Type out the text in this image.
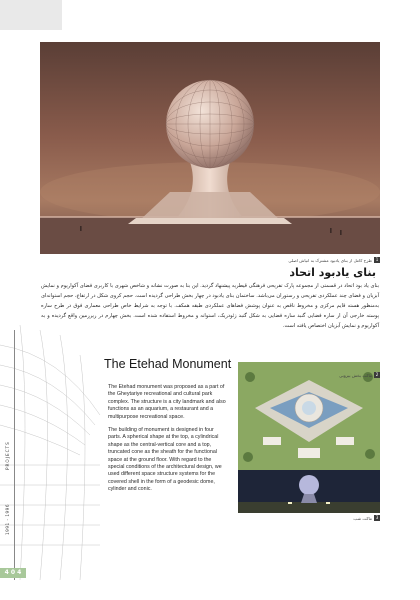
1
طرح کامل از بنای یادبود مشترک به انیاش اصلی
بنای یادبود اتحاد
بنای یاد بود اتحاد در قسمتی از مجموعه پارک تفریحی فرهنگی قیطریه پیشنهاد گردید. این بنا به صورت نشانه و شاخص شهری با کاربری فضای آکواریوم و نمایش آبزیان و فضای چند عملکردی تفریحی و رستوران می‌باشد. ساختمان بنای یادبود در چهار بخش طراحی گردیده است. حجم کروی شکل در ارتفاع، حجم استوانه‌ای به‌منظور هسته قایم مرکزی و مخروط ناقص به عنوان پوشش فضاهای عملکردی طبقه همکف. با توجه به شرایط خاص طراحی معماری فوق در طرح سازه پوسته خارجی آن از سازه فضایی گنبد سازه فضایی به شکل گنبد ژئودزیک، استوانه و مخروط استفاده شده است. بخش چهارم در زیرزمین واقع گردیده و به آکواریوم و نمایش آبزیان اختصاص یافته است.
PROJECTS
1991 - 1996
4 0 4
The Etehad Monument

The Etehad monument was proposed as a part of the Gheytariye recreational and cultural park complex. The structure is a city landmark and also functions as an aquarium, a restaurant and a multipurpose recreational space.

The building of monument is designed in four parts. A spherical shape at the top, a cylindrical shape as the central-vertical core and a top, truncated cone as the sheath for the functional space at the ground floor. With regard to the special conditions of the architectural design, we used different space structure systems for the covered shell in the form of a geodesic dome, cylinder and conic.

2
ماکت بخش بیرونی
3
ماکت شب
